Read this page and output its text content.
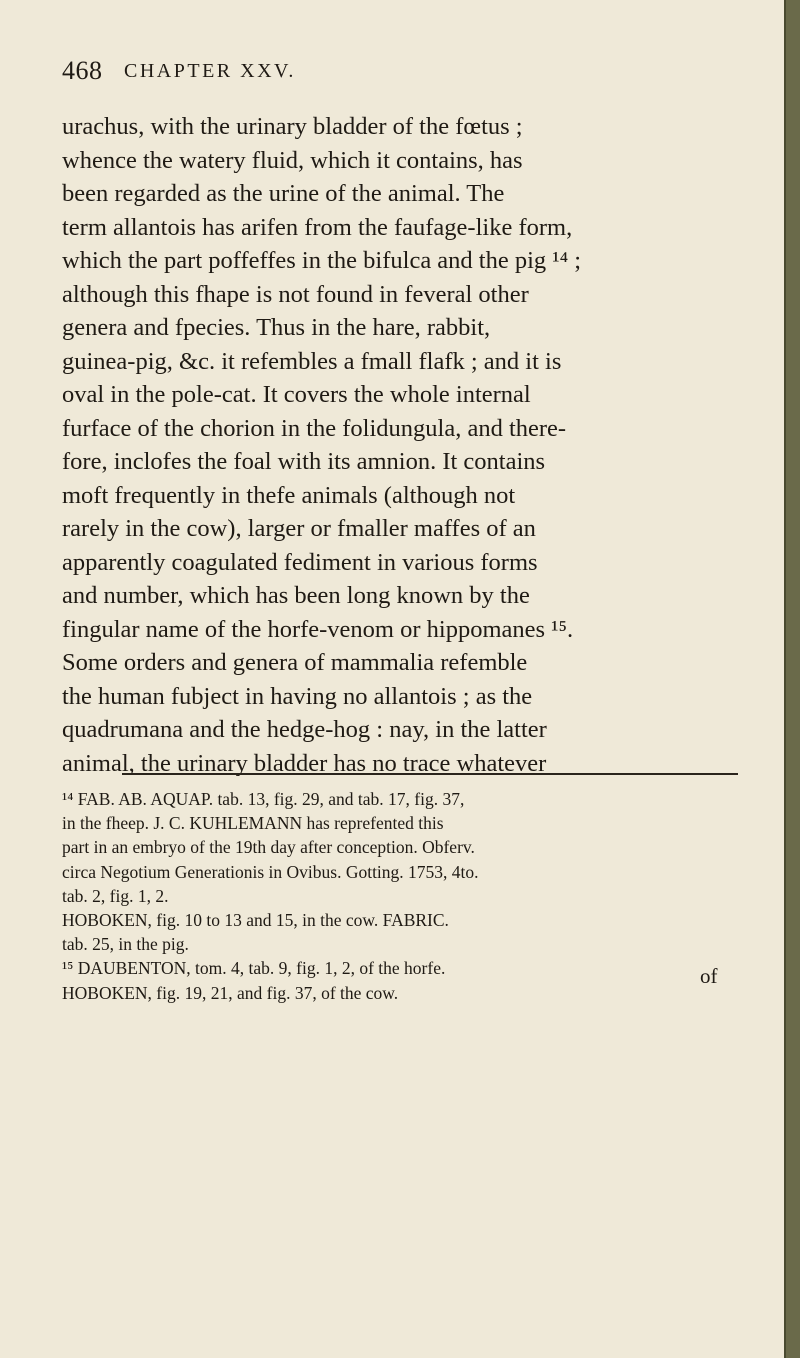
468 CHAPTER XXV.
urachus, with the urinary bladder of the fœtus ;
whence the watery fluid, which it contains, has
been regarded as the urine of the animal. The
term allantois has arifen from the faufage-like form,
which the part poffeffes in the bifulca and the pig ¹⁴ ;
although this fhape is not found in feveral other
genera and fpecies. Thus in the hare, rabbit,
guinea-pig, &c. it refembles a fmall flafk ; and it is
oval in the pole-cat. It covers the whole internal
furface of the chorion in the folidungula, and there-
fore, inclofes the foal with its amnion. It contains
moft frequently in thefe animals (although not
rarely in the cow), larger or fmaller maffes of an
apparently coagulated fediment in various forms
and number, which has been long known by the
fingular name of the horfe-venom or hippomanes ¹⁵.
Some orders and genera of mammalia refemble
the human fubject in having no allantois ; as the
quadrumana and the hedge-hog : nay, in the latter
animal, the urinary bladder has no trace whatever
¹⁴ FAB. AB. AQUAP. tab. 13, fig. 29, and tab. 17, fig. 37,
in the fheep. J. C. KUHLEMANN has reprefented this
part in an embryo of the 19th day after conception. Obferv.
circa Negotium Generationis in Ovibus. Gotting. 1753, 4to.
tab. 2, fig. 1, 2.
HOBOKEN, fig. 10 to 13 and 15, in the cow. FABRIC.
tab. 25, in the pig.
¹⁵ DAUBENTON, tom. 4, tab. 9, fig. 1, 2, of the horfe.
HOBOKEN, fig. 19, 21, and fig. 37, of the cow.
of
